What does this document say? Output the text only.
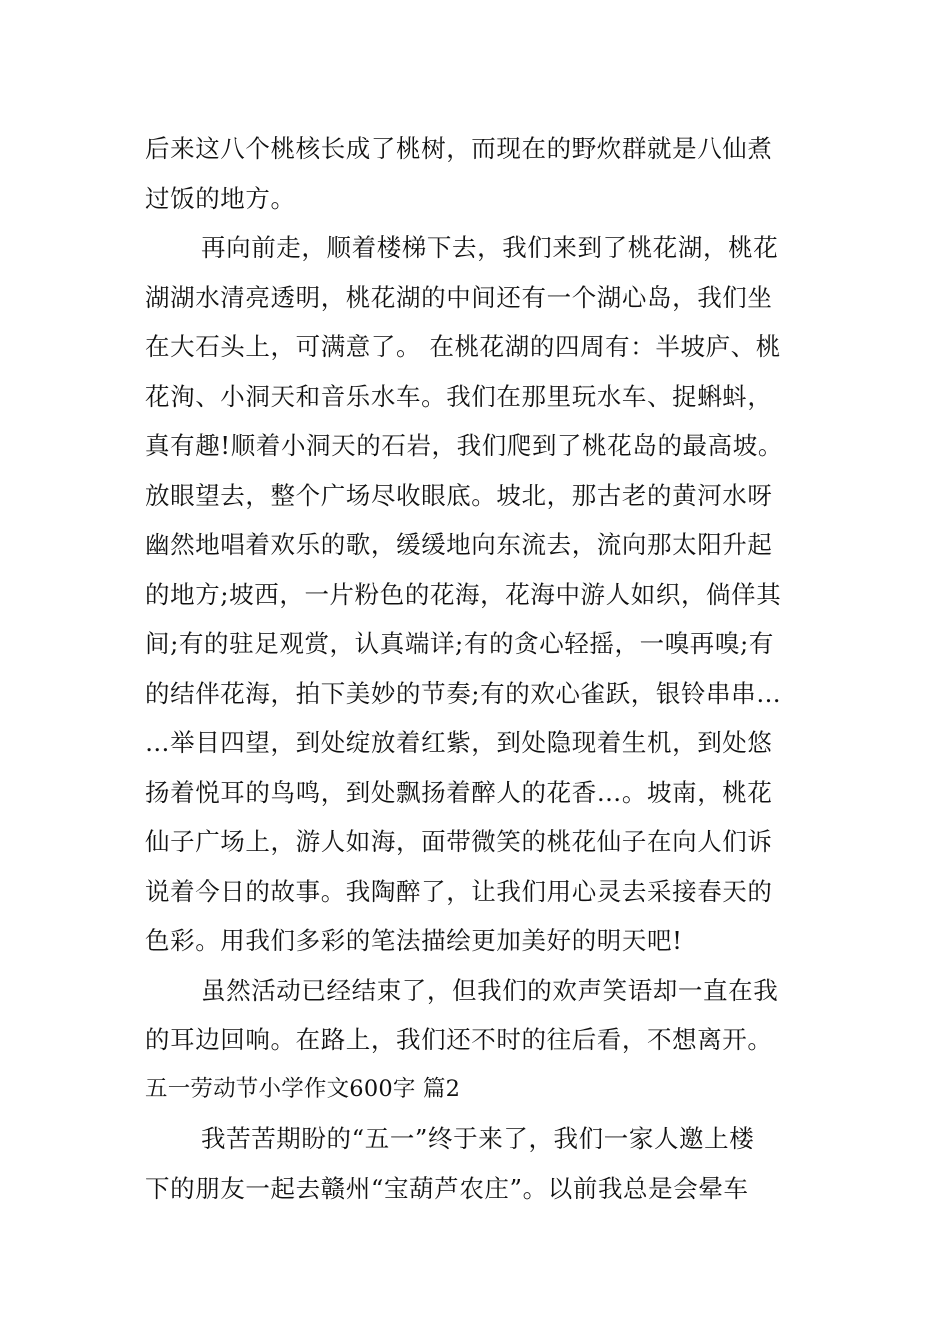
后来这八个桃核长成了桃树，而现在的野炊群就是八仙煮
过饭的地方。
再向前走，顺着楼梯下去，我们来到了桃花湖，桃花
湖湖水清亮透明，桃花湖的中间还有一个湖心岛，我们坐
在大石头上，可满意了。 在桃花湖的四周有：半坡庐、桃
花洵、小洞天和音乐水车。我们在那里玩水车、捉蝌蚪，
真有趣!顺着小洞天的石岩，我们爬到了桃花岛的最高坡。
放眼望去，整个广场尽收眼底。坡北，那古老的黄河水呀
幽然地唱着欢乐的歌，缓缓地向东流去，流向那太阳升起
的地方;坡西，一片粉色的花海，花海中游人如织，倘佯其
间;有的驻足观赏，认真端详;有的贪心轻摇，一嗅再嗅;有
的结伴花海，拍下美妙的节奏;有的欢心雀跃，银铃串串…
…举目四望，到处绽放着红紫，到处隐现着生机，到处悠
扬着悦耳的鸟鸣，到处飘扬着醉人的花香…。坡南，桃花
仙子广场上，游人如海，面带微笑的桃花仙子在向人们诉
说着今日的故事。我陶醉了，让我们用心灵去采接春天的
色彩。用我们多彩的笔法描绘更加美好的明天吧!
虽然活动已经结束了，但我们的欢声笑语却一直在我
的耳边回响。在路上，我们还不时的往后看，不想离开。
五一劳动节小学作文600字 篇2
我苦苦期盼的“五一”终于来了，我们一家人邀上楼
下的朋友一起去赣州“宝葫芦农庄”。以前我总是会晕车
